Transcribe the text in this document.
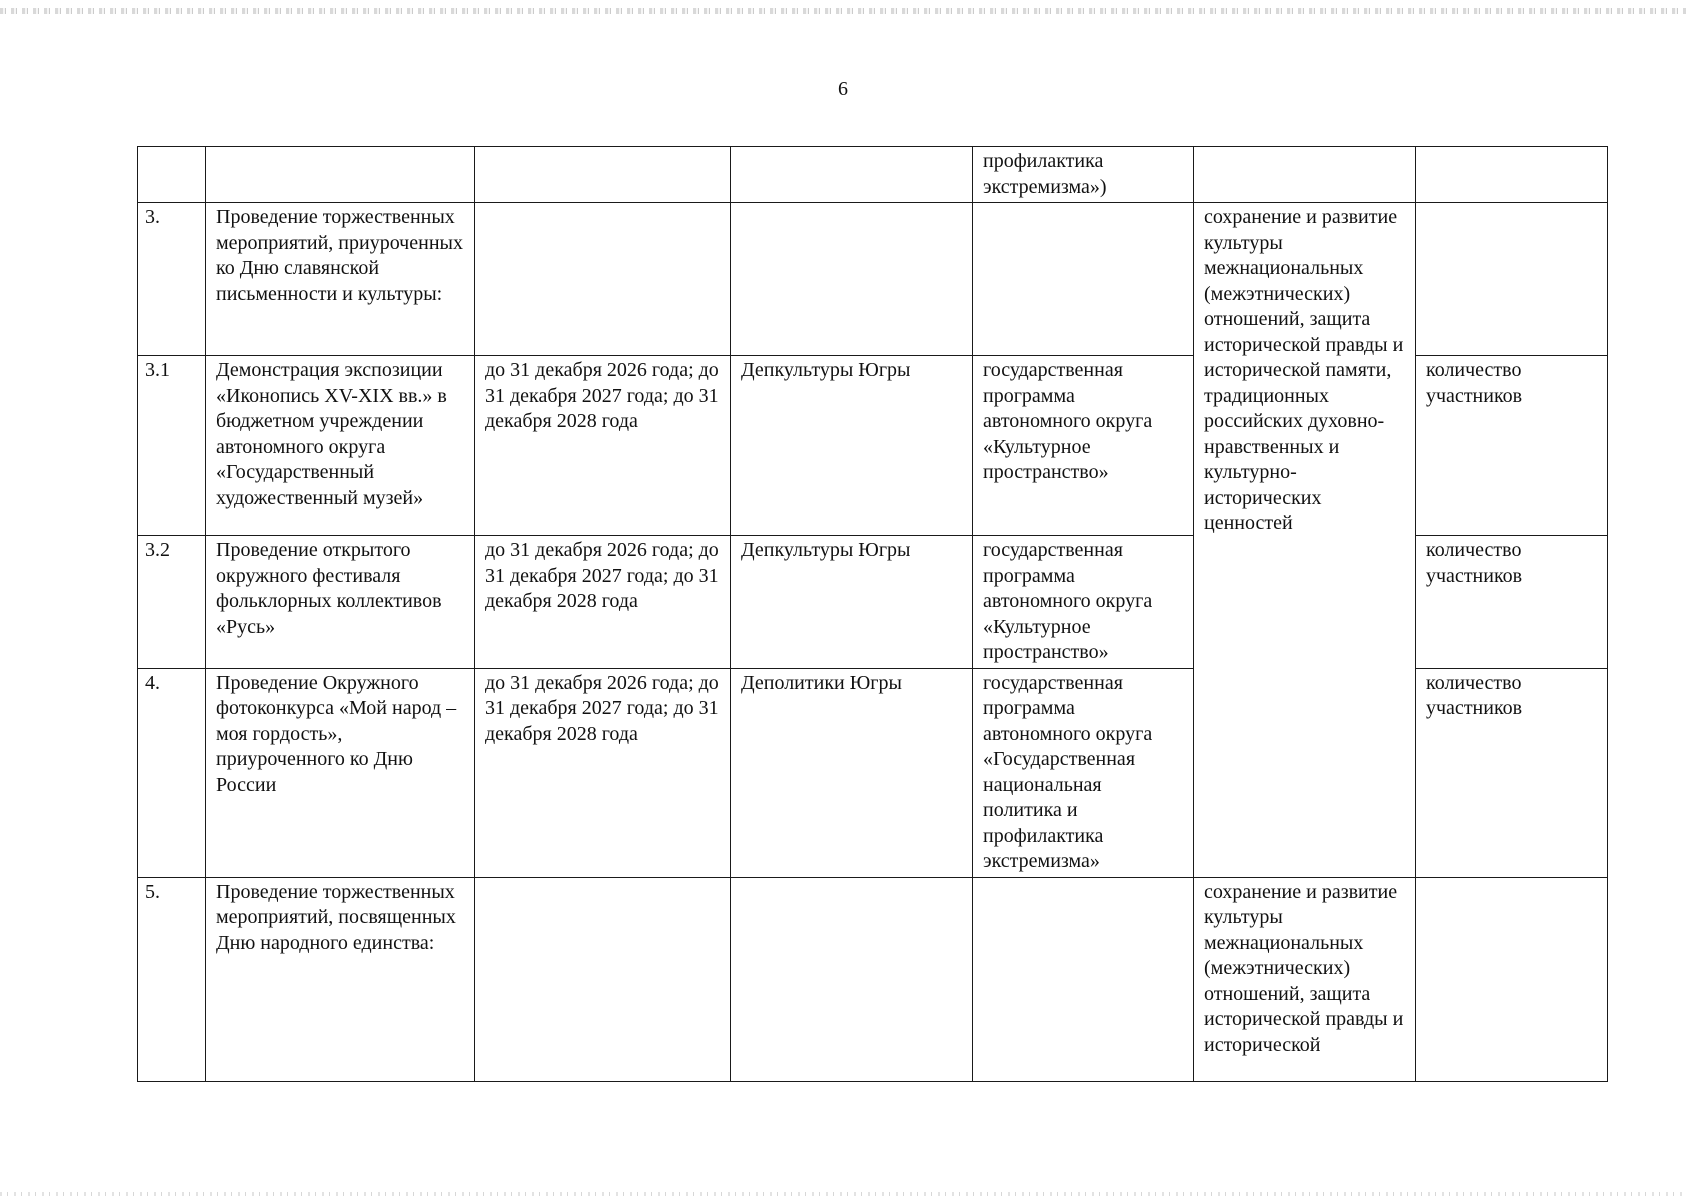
6
				профилактика экстремизма»)		
3.	Проведение торжественных мероприятий, приуроченных ко Дню славянской письменности и культуры:				сохранение и развитие культуры межнациональных (межэтнических) отношений, защита исторической правды и исторической памяти, традиционных российских духовно-нравственных и культурно-исторических ценностей	
3.1	Демонстрация экспозиции «Иконопись XV-XIX вв.» в бюджетном учреждении автономного округа «Государственный художественный музей»	до 31 декабря 2026 года; до 31 декабря 2027 года; до 31 декабря 2028 года	Депкультуры Югры	государственная программа автономного округа «Культурное пространство»		количество участников
3.2	Проведение открытого окружного фестиваля фольклорных коллективов «Русь»	до 31 декабря 2026 года; до 31 декабря 2027 года; до 31 декабря 2028 года	Депкультуры Югры	государственная программа автономного округа «Культурное пространство»		количество участников
4.	Проведение Окружного фотоконкурса «Мой народ – моя гордость», приуроченного ко Дню России	до 31 декабря 2026 года; до 31 декабря 2027 года; до 31 декабря 2028 года	Деполитики Югры	государственная программа автономного округа «Государственная национальная политика и профилактика экстремизма»		количество участников
5.	Проведение торжественных мероприятий, посвященных Дню народного единства:				сохранение и развитие культуры межнациональных (межэтнических) отношений, защита исторической правды и исторической	
